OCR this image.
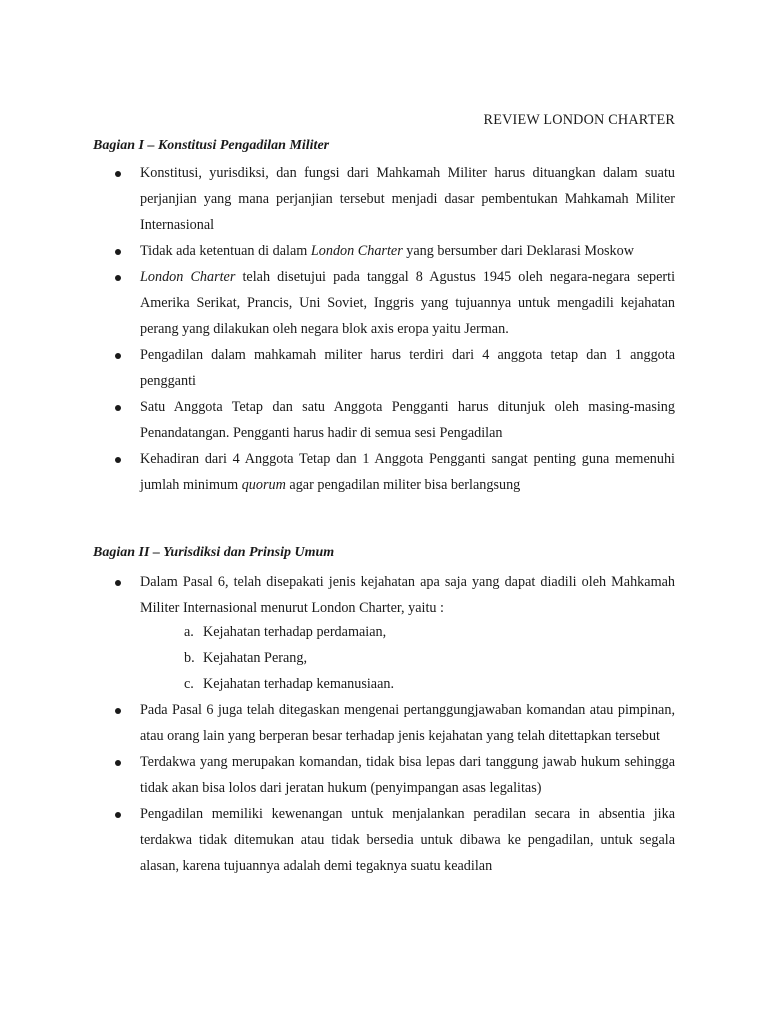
REVIEW LONDON CHARTER
Bagian I – Konstitusi Pengadilan Militer
Konstitusi, yurisdiksi, dan fungsi dari Mahkamah Militer harus dituangkan dalam suatu perjanjian yang mana perjanjian tersebut menjadi dasar pembentukan Mahkamah Militer Internasional
Tidak ada ketentuan di dalam London Charter yang bersumber dari Deklarasi Moskow
London Charter telah disetujui pada tanggal 8 Agustus 1945 oleh negara-negara seperti Amerika Serikat, Prancis, Uni Soviet, Inggris yang tujuannya untuk mengadili kejahatan perang yang dilakukan oleh negara blok axis eropa yaitu Jerman.
Pengadilan dalam mahkamah militer harus terdiri dari 4 anggota tetap dan 1 anggota pengganti
Satu Anggota Tetap dan satu Anggota Pengganti harus ditunjuk oleh masing-masing Penandatangan. Pengganti harus hadir di semua sesi Pengadilan
Kehadiran dari 4 Anggota Tetap dan 1 Anggota Pengganti sangat penting guna memenuhi jumlah minimum quorum agar pengadilan militer bisa berlangsung
Bagian II – Yurisdiksi dan Prinsip Umum
Dalam Pasal 6, telah disepakati jenis kejahatan apa saja yang dapat diadili oleh Mahkamah Militer Internasional menurut London Charter, yaitu :
a. Kejahatan terhadap perdamaian,
b. Kejahatan Perang,
c. Kejahatan terhadap kemanusiaan.
Pada Pasal 6 juga telah ditegaskan mengenai pertanggungjawaban komandan atau pimpinan, atau orang lain yang berperan besar terhadap jenis kejahatan yang telah ditettapkan tersebut
Terdakwa yang merupakan komandan, tidak bisa lepas dari tanggung jawab hukum sehingga tidak akan bisa lolos dari jeratan hukum (penyimpangan asas legalitas)
Pengadilan memiliki kewenangan untuk menjalankan peradilan secara in absentia jika terdakwa tidak ditemukan atau tidak bersedia untuk dibawa ke pengadilan, untuk segala alasan, karena tujuannya adalah demi tegaknya suatu keadilan
